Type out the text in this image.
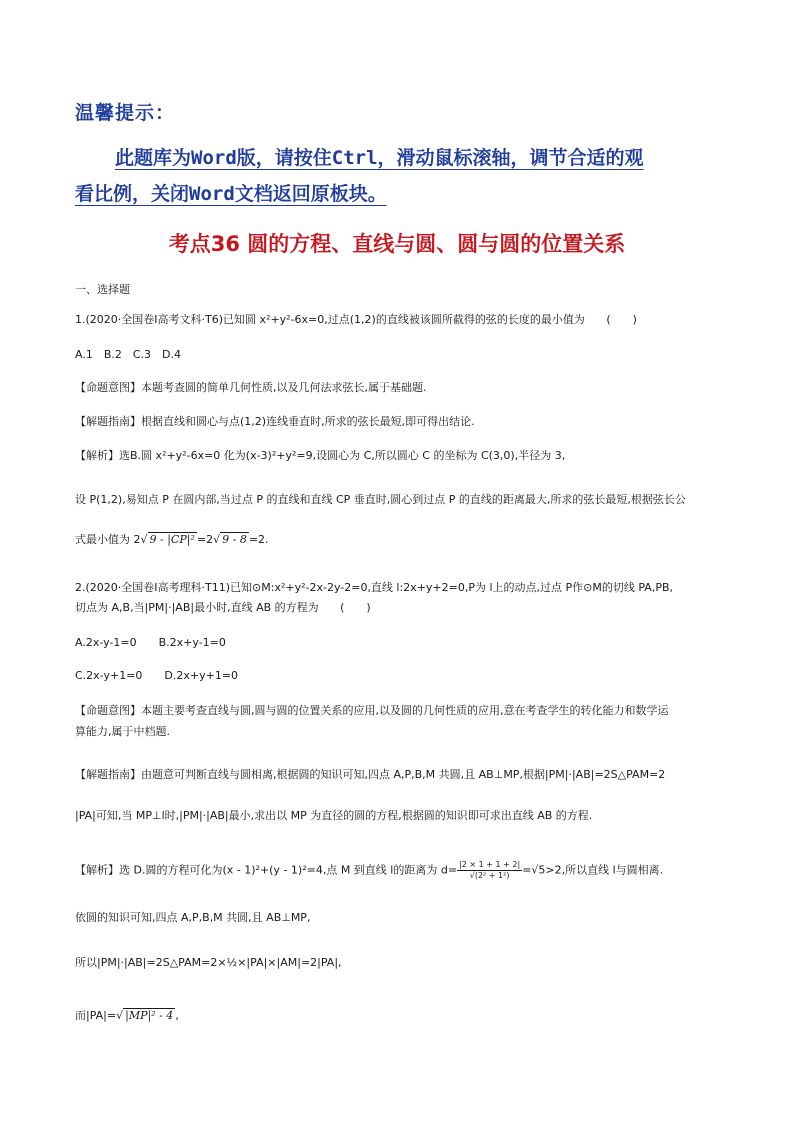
温馨提示：
此题库为Word版，请按住Ctrl，滑动鼠标滚轴，调节合适的观
看比例，关闭Word文档返回原板块。
考点36 圆的方程、直线与圆、圆与圆的位置关系
一、选择题
1.(2020·全国卷Ⅰ高考文科·T6)已知圆 x²+y²-6x=0,过点(1,2)的直线被该圆所截得的弦的长度的最小值为 (　　)
A.1　B.2　C.3　D.4
【命题意图】本题考查圆的简单几何性质,以及几何法求弦长,属于基础题.
【解题指南】根据直线和圆心与点(1,2)连线垂直时,所求的弦长最短,即可得出结论.
【解析】选B.圆 x²+y²-6x=0 化为(x-3)²+y²=9,设圆心为 C,所以圆心 C 的坐标为 C(3,0),半径为 3,
设 P(1,2),易知点 P 在圆内部,当过点 P 的直线和直线 CP 垂直时,圆心到过点 P 的直线的距离最大,所求的弦长最短,根据弦长公
式最小值为 2√ 9 - |CP|² =2√ 9 - 8 =2.
2.(2020·全国卷Ⅰ高考理科·T11)已知⊙M:x²+y²-2x-2y-2=0,直线 l:2x+y+2=0,P为 l上的动点,过点 P作⊙M的切线 PA,PB,
切点为 A,B,当|PM|·|AB|最小时,直线 AB 的方程为 (　　)
A.2x-y-1=0　　B.2x+y-1=0
C.2x-y+1=0　　D.2x+y+1=0
【命题意图】本题主要考查直线与圆,圆与圆的位置关系的应用,以及圆的几何性质的应用,意在考查学生的转化能力和数学运
算能力,属于中档题.
【解题指南】由题意可判断直线与圆相离,根据圆的知识可知,四点 A,P,B,M 共圆,且 AB⊥MP,根据|PM|·|AB|=2S△PAM=2
|PA|可知,当 MP⊥l时,|PM|·|AB|最小,求出以 MP 为直径的圆的方程,根据圆的知识即可求出直线 AB 的方程.
【解析】选 D.圆的方程可化为(x - 1)²+(y - 1)²=4,点 M 到直线 l的距离为 $d= \frac{|2 \times 1 + 1 + 2|}{\text{√(2² + 1²)}} =√5>2$,所以直线 l与圆相离.
依圆的知识可知,四点 A,P,B,M 共圆,且 AB⊥MP,
所以|PM|·|AB|=2S△PAM=2×½×|PA|×|AM|=2|PA|,
而|PA|=√ |MP|² - 4 ,
